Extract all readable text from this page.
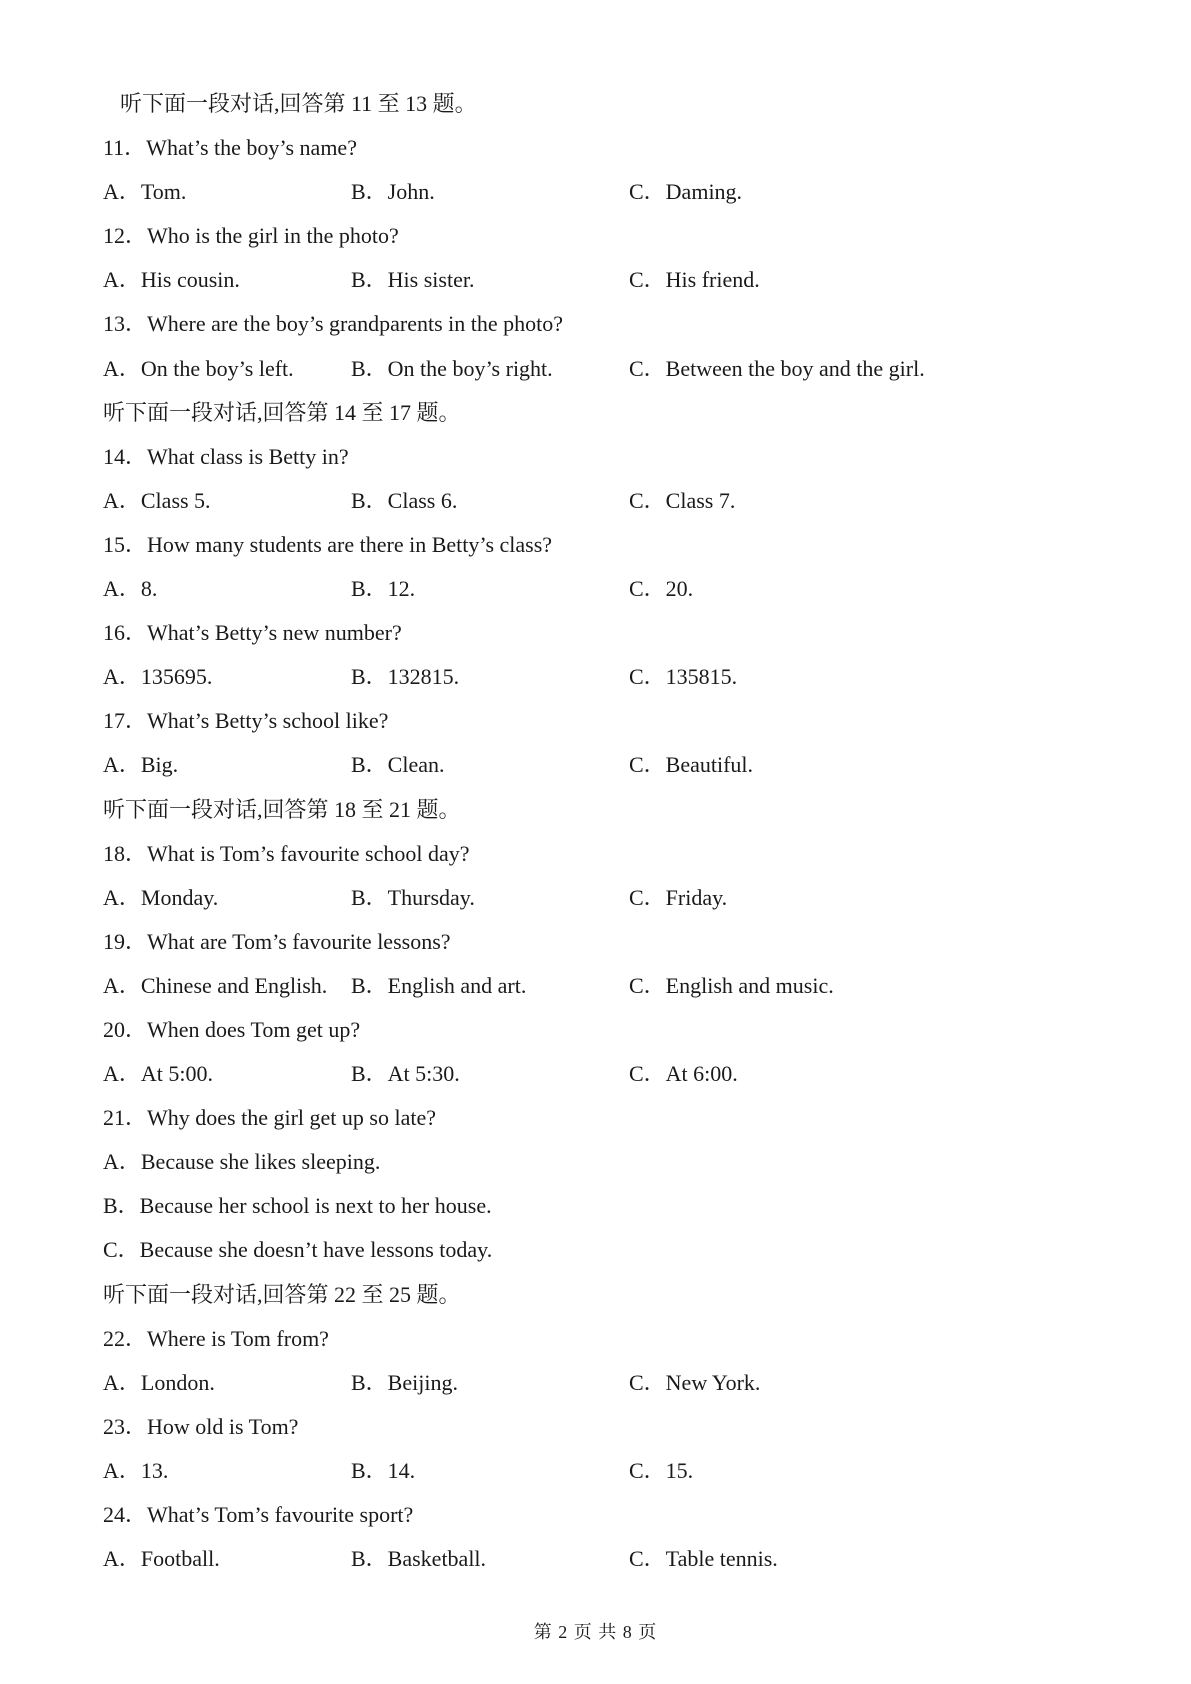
听下面一段对话,回答第 11 至 13 题。
11．What’s the boy’s name?
A．Tom.	B．John.	C．Daming.
12．Who is the girl in the photo?
A．His cousin.	B．His sister.	C．His friend.
13．Where are the boy’s grandparents in the photo?
A．On the boy’s left.	B．On the boy’s right.	C．Between the boy and the girl.
听下面一段对话,回答第 14 至 17 题。
14．What class is Betty in?
A．Class 5.	B．Class 6.	C．Class 7.
15．How many students are there in Betty’s class?
A．8.	B．12.	C．20.
16．What’s Betty’s new number?
A．135695.	B．132815.	C．135815.
17．What’s Betty’s school like?
A．Big.	B．Clean.	C．Beautiful.
听下面一段对话,回答第 18 至 21 题。
18．What is Tom’s favourite school day?
A．Monday.	B．Thursday.	C．Friday.
19．What are Tom’s favourite lessons?
A．Chinese and English. B．English and art.	C．English and music.
20．When does Tom get up?
A．At 5:00.	B．At 5:30.	C．At 6:00.
21．Why does the girl get up so late?
A．Because she likes sleeping.
B．Because her school is next to her house.
C．Because she doesn’t have lessons today.
听下面一段对话,回答第 22 至 25 题。
22．Where is Tom from?
A．London.	B．Beijing.	C．New York.
23．How old is Tom?
A．13.	B．14.	C．15.
24．What’s Tom’s favourite sport?
A．Football.	B．Basketball.	C．Table tennis.
第 2 页 共 8 页
